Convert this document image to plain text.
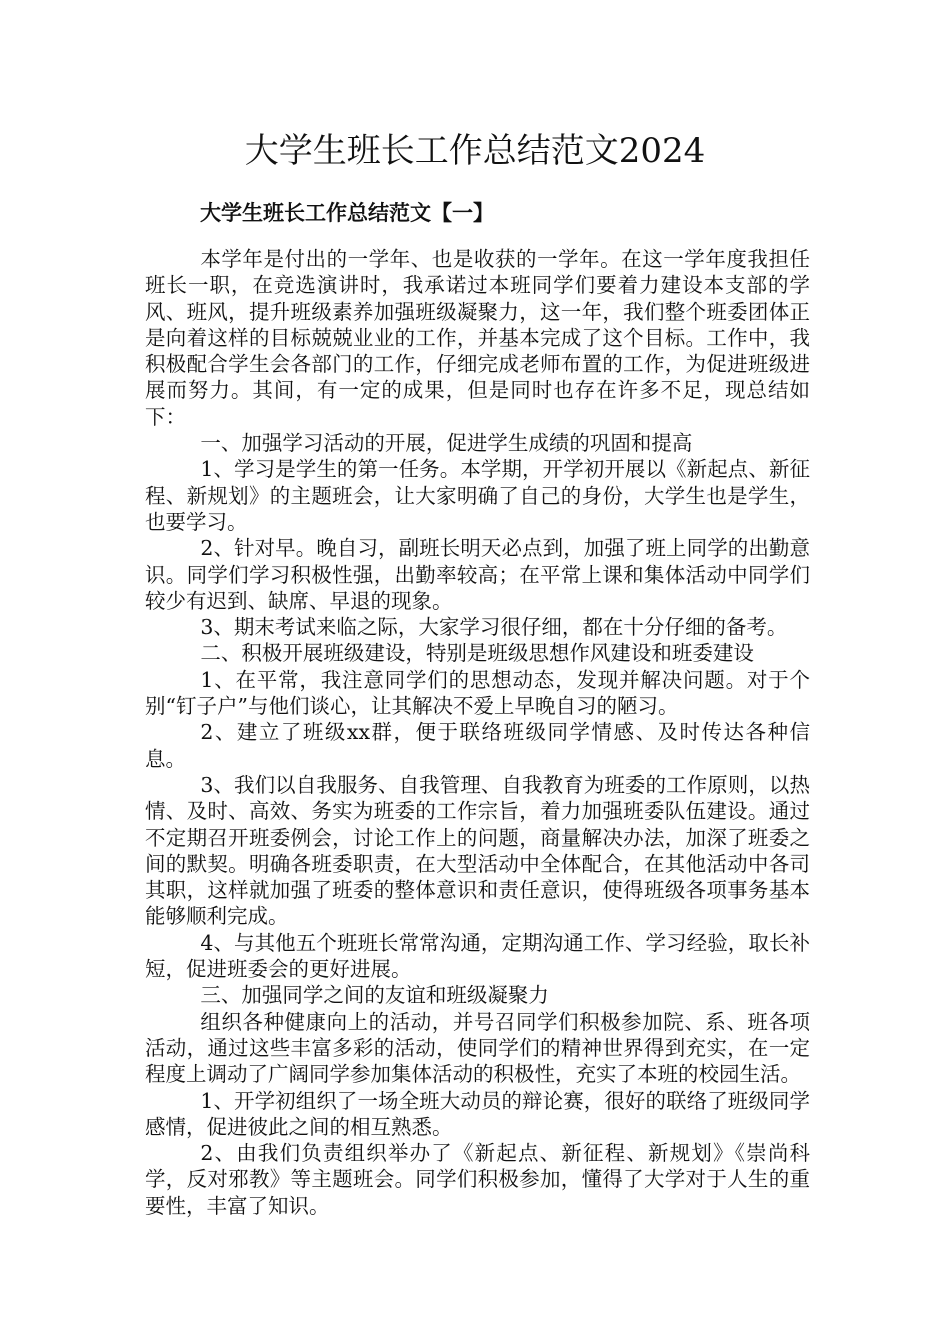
大学生班长工作总结范文2024
大学生班长工作总结范文【一】

本学年是付出的一学年、也是收获的一学年。在这一学年度我担任班长一职，在竞选演讲时，我承诺过本班同学们要着力建设本支部的学风、班风，提升班级素养加强班级凝聚力，这一年，我们整个班委团体正是向着这样的目标兢兢业业的工作，并基本完成了这个目标。工作中，我积极配合学生会各部门的工作，仔细完成老师布置的工作，为促进班级进展而努力。其间，有一定的成果，但是同时也存在许多不足，现总结如下：

一、加强学习活动的开展，促进学生成绩的巩固和提高

1、学习是学生的第一任务。本学期，开学初开展以《新起点、新征程、新规划》的主题班会，让大家明确了自己的身份，大学生也是学生，也要学习。

2、针对早。晚自习，副班长明天必点到，加强了班上同学的出勤意识。同学们学习积极性强，出勤率较高；在平常上课和集体活动中同学们较少有迟到、缺席、早退的现象。

3、期末考试来临之际，大家学习很仔细，都在十分仔细的备考。

二、积极开展班级建设，特别是班级思想作风建设和班委建设

1、在平常，我注意同学们的思想动态，发现并解决问题。对于个别“钉子户”与他们谈心，让其解决不爱上早晚自习的陋习。

2、建立了班级xx群，便于联络班级同学情感、及时传达各种信息。

3、我们以自我服务、自我管理、自我教育为班委的工作原则，以热情、及时、高效、务实为班委的工作宗旨，着力加强班委队伍建设。通过不定期召开班委例会，讨论工作上的问题，商量解决办法，加深了班委之间的默契。明确各班委职责，在大型活动中全体配合，在其他活动中各司其职，这样就加强了班委的整体意识和责任意识，使得班级各项事务基本能够顺利完成。

4、与其他五个班班长常常沟通，定期沟通工作、学习经验，取长补短，促进班委会的更好进展。

三、加强同学之间的友谊和班级凝聚力

组织各种健康向上的活动，并号召同学们积极参加院、系、班各项活动，通过这些丰富多彩的活动，使同学们的精神世界得到充实，在一定程度上调动了广阔同学参加集体活动的积极性，充实了本班的校园生活。

1、开学初组织了一场全班大动员的辩论赛，很好的联络了班级同学感情，促进彼此之间的相互熟悉。

2、由我们负责组织举办了《新起点、新征程、新规划》《崇尚科学，反对邪教》等主题班会。同学们积极参加，懂得了大学对于人生的重要性，丰富了知识。
